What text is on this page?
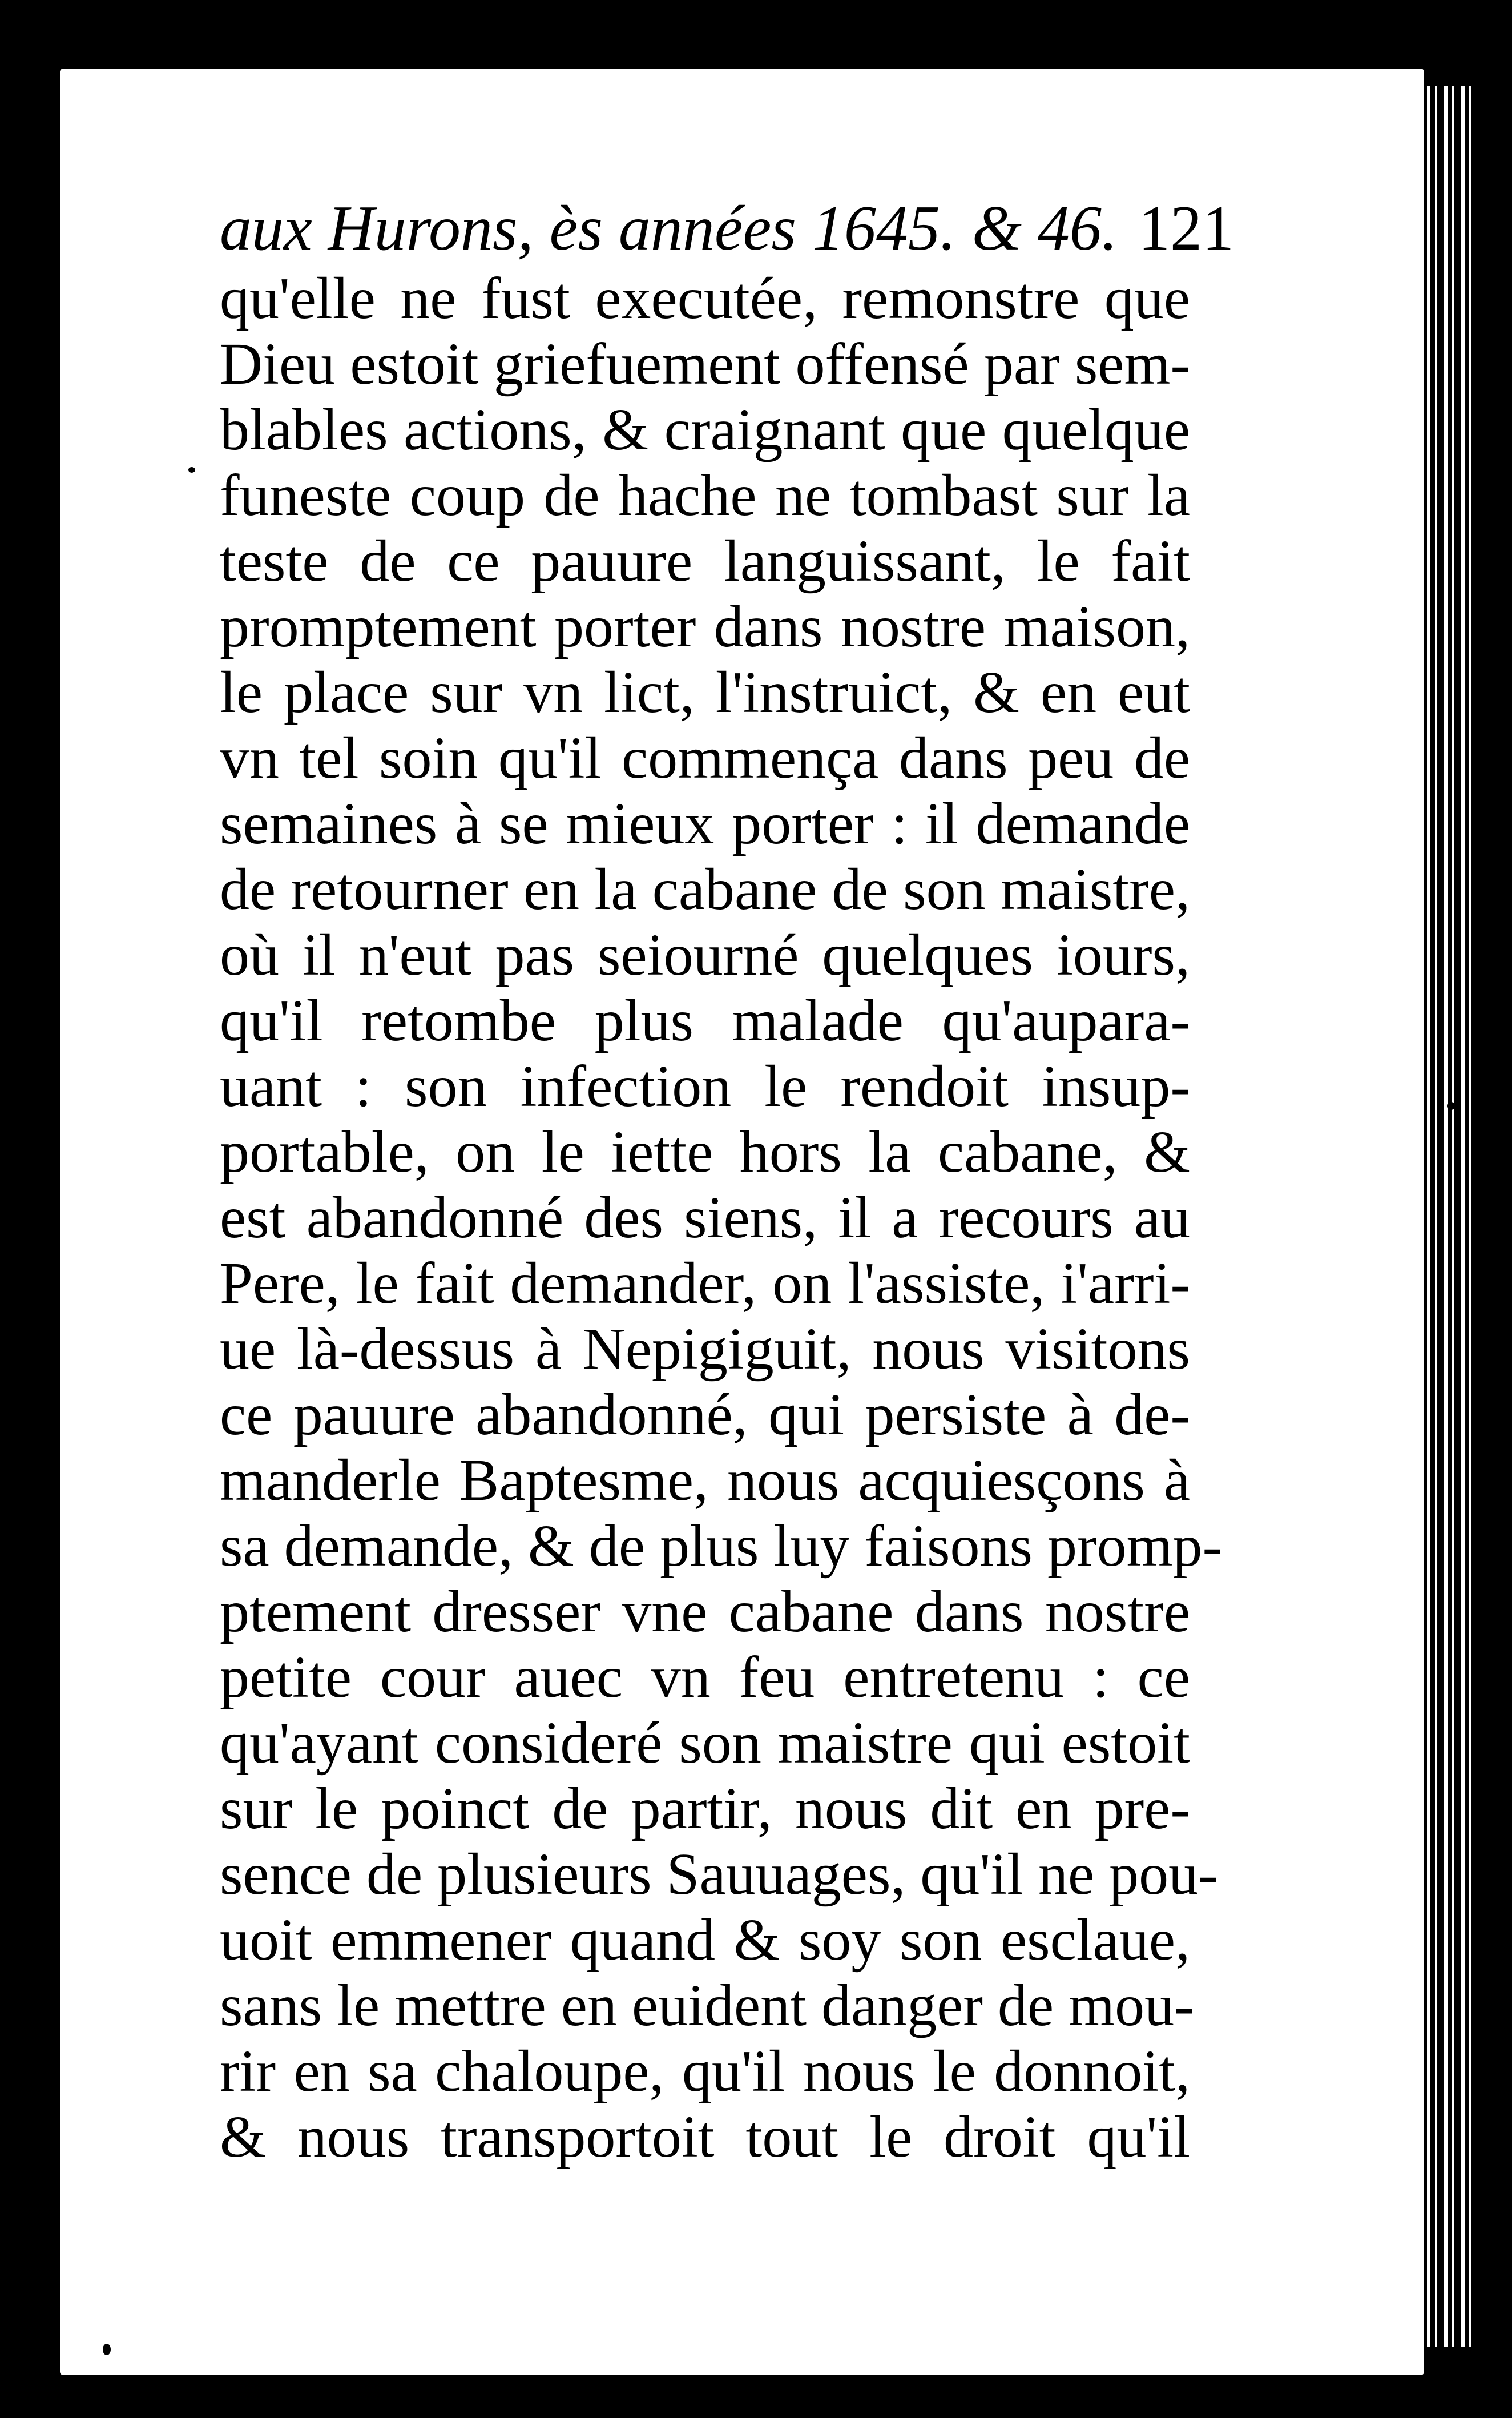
aux Hurons, ès années 1645. & 46. 121
qu'elle ne fust executée, remonstre que
Dieu estoit griefuement offensé par sem-
blables actions, & craignant que quelque
funeste coup de hache ne tombast sur la
teste de ce pauure languissant, le fait
promptement porter dans nostre maison,
le place sur vn lict, l'instruict, & en eut
vn tel soin qu'il commença dans peu de
semaines à se mieux porter : il demande
de retourner en la cabane de son maistre,
où il n'eut pas seiourné quelques iours,
qu'il retombe plus malade qu'aupara-
uant : son infection le rendoit insup-
portable, on le iette hors la cabane, &
est abandonné des siens, il a recours au
Pere, le fait demander, on l'assiste, i'arri-
ue là-dessus à Nepigiguit, nous visitons
ce pauure abandonné, qui persiste à de-
manderle Baptesme, nous acquiesçons à
sa demande, & de plus luy faisons promp-
ptement dresser vne cabane dans nostre
petite cour auec vn feu entretenu : ce
qu'ayant consideré son maistre qui estoit
sur le poinct de partir, nous dit en pre-
sence de plusieurs Sauuages, qu'il ne pou-
uoit emmener quand & soy son esclaue,
sans le mettre en euident danger de mou-
rir en sa chaloupe, qu'il nous le donnoit,
& nous transportoit tout le droit qu'il
